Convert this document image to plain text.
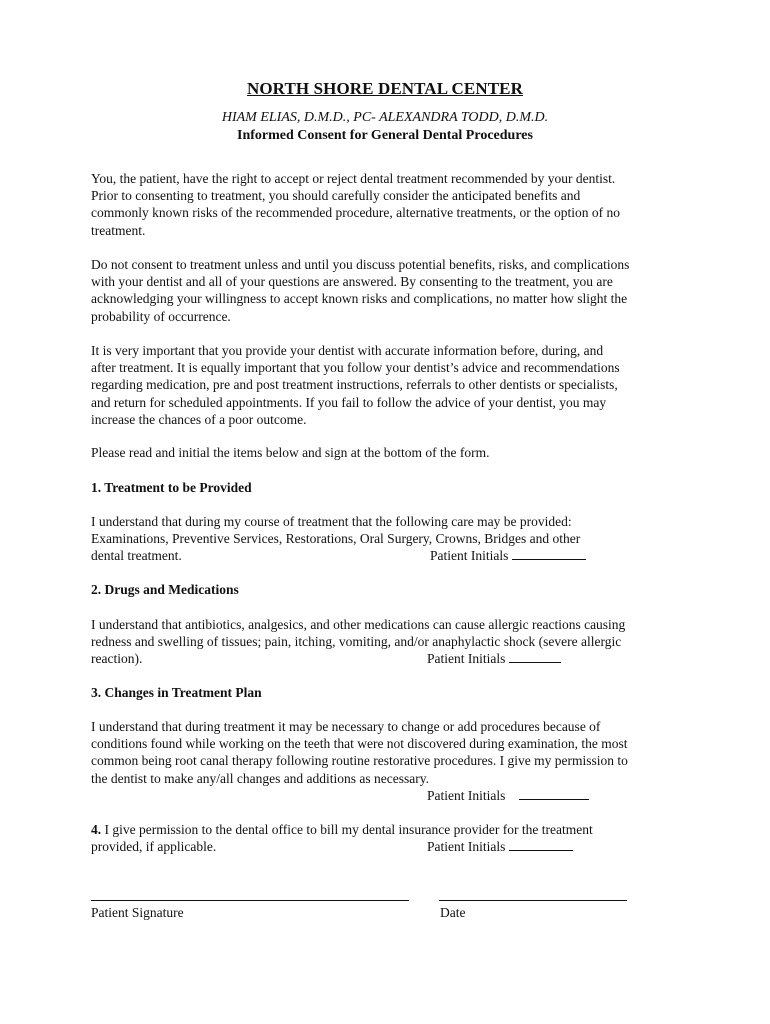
NORTH SHORE DENTAL CENTER
HIAM ELIAS, D.M.D., PC- ALEXANDRA TODD, D.M.D.
Informed Consent for General Dental Procedures

You, the patient, have the right to accept or reject dental treatment recommended by your dentist.

Prior to consenting to treatment, you should carefully consider the anticipated benefits and

commonly known risks of the recommended procedure, alternative treatments, or the option of no

treatment.

Do not consent to treatment unless and until you discuss potential benefits, risks, and complications

with your dentist and all of your questions are answered. By consenting to the treatment, you are

acknowledging your willingness to accept known risks and complications, no matter how slight the

probability of occurrence.

It is very important that you provide your dentist with accurate information before, during, and

after treatment. It is equally important that you follow your dentist’s advice and recommendations

regarding medication, pre and post treatment instructions, referrals to other dentists or specialists,

and return for scheduled appointments. If you fail to follow the advice of your dentist, you may

increase the chances of a poor outcome.

Please read and initial the items below and sign at the bottom of the form.

1. Treatment to be Provided

I understand that during my course of treatment that the following care may be provided:

Examinations, Preventive Services, Restorations, Oral Surgery, Crowns, Bridges and other

dental treatment.	Patient Initials

2. Drugs and Medications

I understand that antibiotics, analgesics, and other medications can cause allergic reactions causing

redness and swelling of tissues; pain, itching, vomiting, and/or anaphylactic shock (severe allergic

reaction).	Patient Initials

3. Changes in Treatment Plan

I understand that during treatment it may be necessary to change or add procedures because of

conditions found while working on the teeth that were not discovered during examination, the most

common being root canal therapy following routine restorative procedures. I give my permission to

the dentist to make any/all changes and additions as necessary.

Patient Initials

4. I give permission to the dental office to bill my dental insurance provider for the treatment

provided, if applicable.	Patient Initials
Patient Signature	Date
